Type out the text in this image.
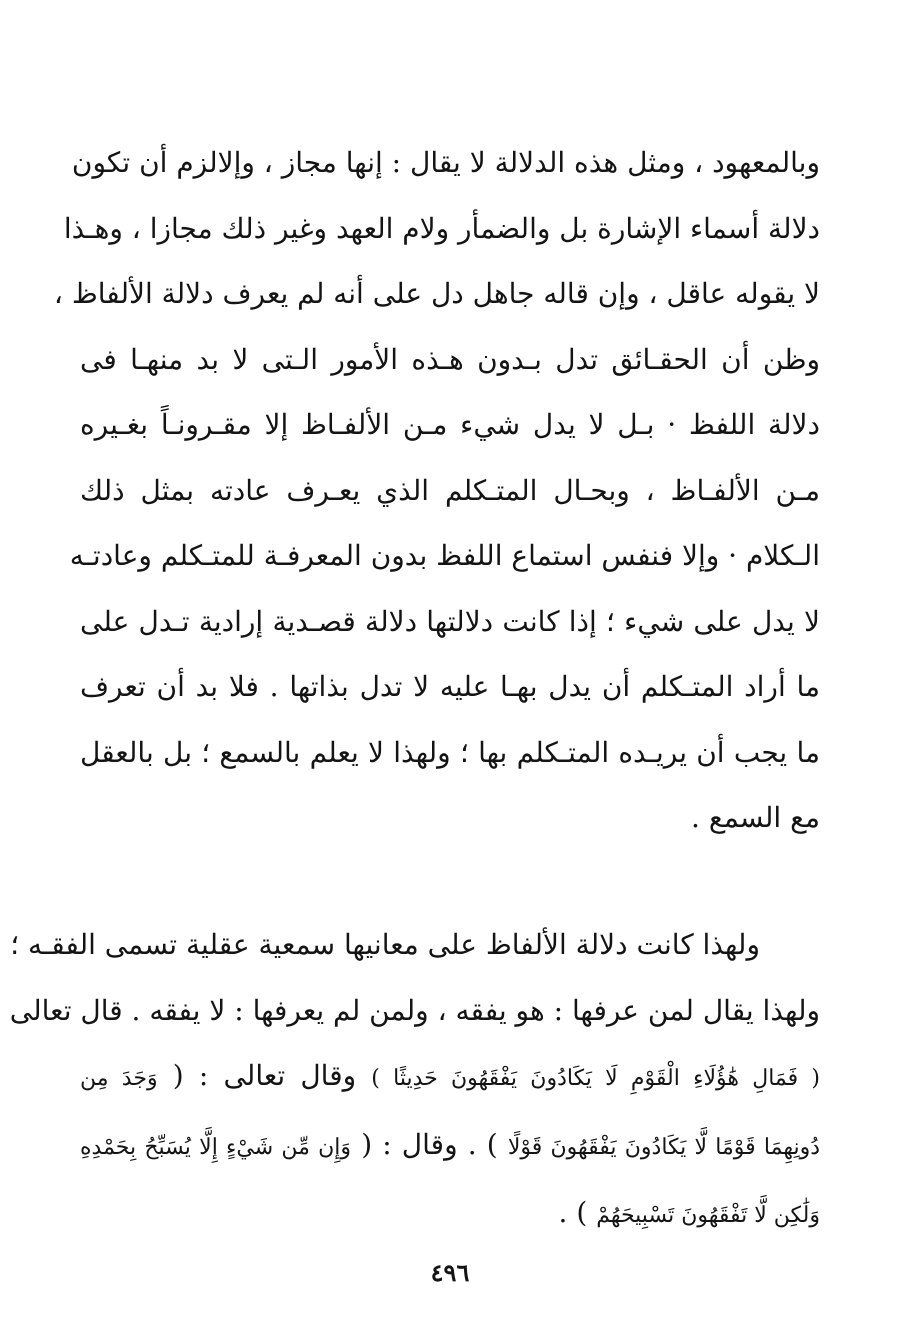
وبالمعهود ، ومثل هذه الدلالة لا يقال : إنها مجاز ، وإلالزم أن تكون
دلالة أسماء الإشارة بل والضمأر ولام العهد وغير ذلك مجازا ، وهـذا
لا يقوله عاقل ، وإن قاله جاهل دل على أنه لم يعرف دلالة الألفاظ ،
وظن أن الحقـائق تدل بـدون هـذه الأمور الـتى لا بد منهـا فى
دلالة اللفظ · بـل لا يدل شيء مـن الألفـاظ إلا مقـرونـاً بغـيره
مـن الألفـاظ ، وبحـال المتـكلم الذي يعـرف عادته بمثل ذلك
الـكلام · وإلا فنفس استماع اللفظ بدون المعرفـة للمتـكلم وعادتـه
لا يدل على شيء ؛ إذا كانت دلالتها دلالة قصـدية إرادية تـدل على
ما أراد المتـكلم أن يدل بهـا عليه لا تدل بذاتها . فلا بد أن تعرف
ما يجب أن يريـده المتـكلم بها ؛ ولهذا لا يعلم بالسمع ؛ بل بالعقل
مع السمع .
ولهذا كانت دلالة الألفاظ على معانيها سمعية عقلية تسمى الفقـه ؛
ولهذا يقال لمن عرفها : هو يفقه ، ولمن لم يعرفها : لا يفقه . قال تعالى
( فَمَالِ هَٰؤُلَاءِ الْقَوْمِ لَا يَكَادُونَ يَفْقَهُونَ حَدِيثًا ) وقال تعالى : ( وَجَدَ مِن
دُونِهِمَا قَوْمًا لَّا يَكَادُونَ يَفْقَهُونَ قَوْلًا ) . وقال : ( وَإِن مِّن شَيْءٍ إِلَّا يُسَبِّحُ بِحَمْدِهِ
وَلَٰكِن لَّا تَفْقَهُونَ تَسْبِيحَهُمْ ) .
٤٩٦
